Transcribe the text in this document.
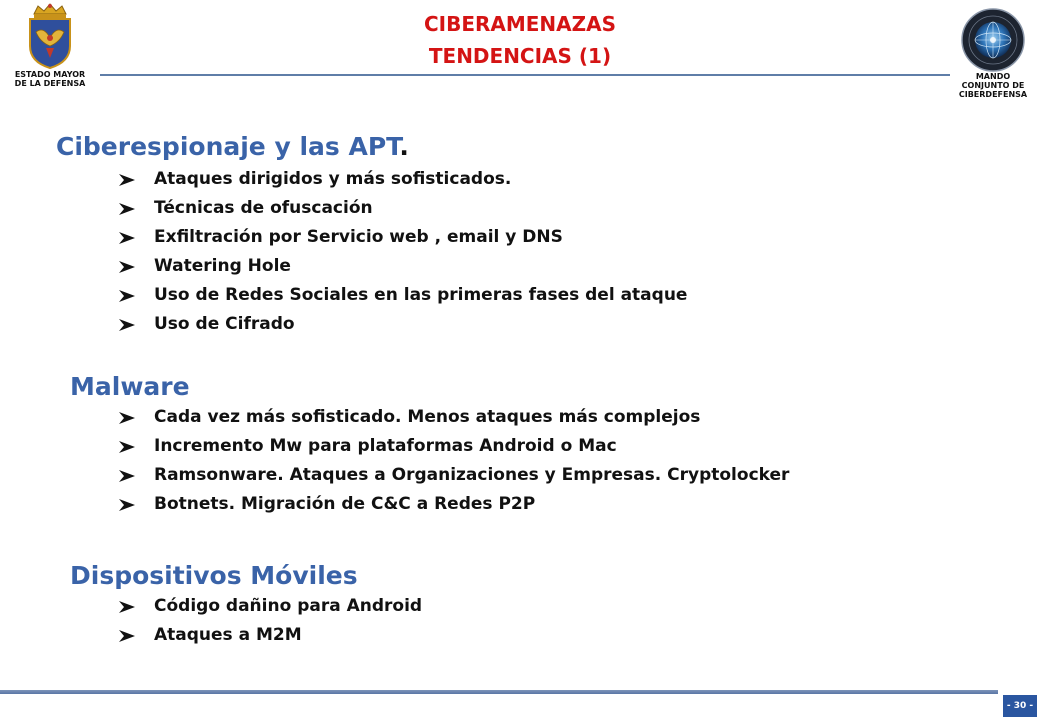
ESTADO MAYOR
DE LA DEFENSA
CIBERAMENAZAS
TENDENCIAS (1)
MANDO
CONJUNTO DE
CIBERDEFENSA
Ciberespionaje y las APT.
Ataques dirigidos y más sofisticados.
Técnicas de ofuscación
Exfiltración por Servicio web , email y DNS
Watering Hole
Uso de Redes Sociales en las primeras fases del ataque
Uso de Cifrado
Malware
Cada vez más sofisticado. Menos ataques más complejos
Incremento Mw para plataformas Android o Mac
Ramsonware. Ataques a Organizaciones y Empresas. Cryptolocker
Botnets. Migración de C&C a Redes P2P
Dispositivos Móviles
Código dañino para Android
Ataques a M2M
- 30 -
